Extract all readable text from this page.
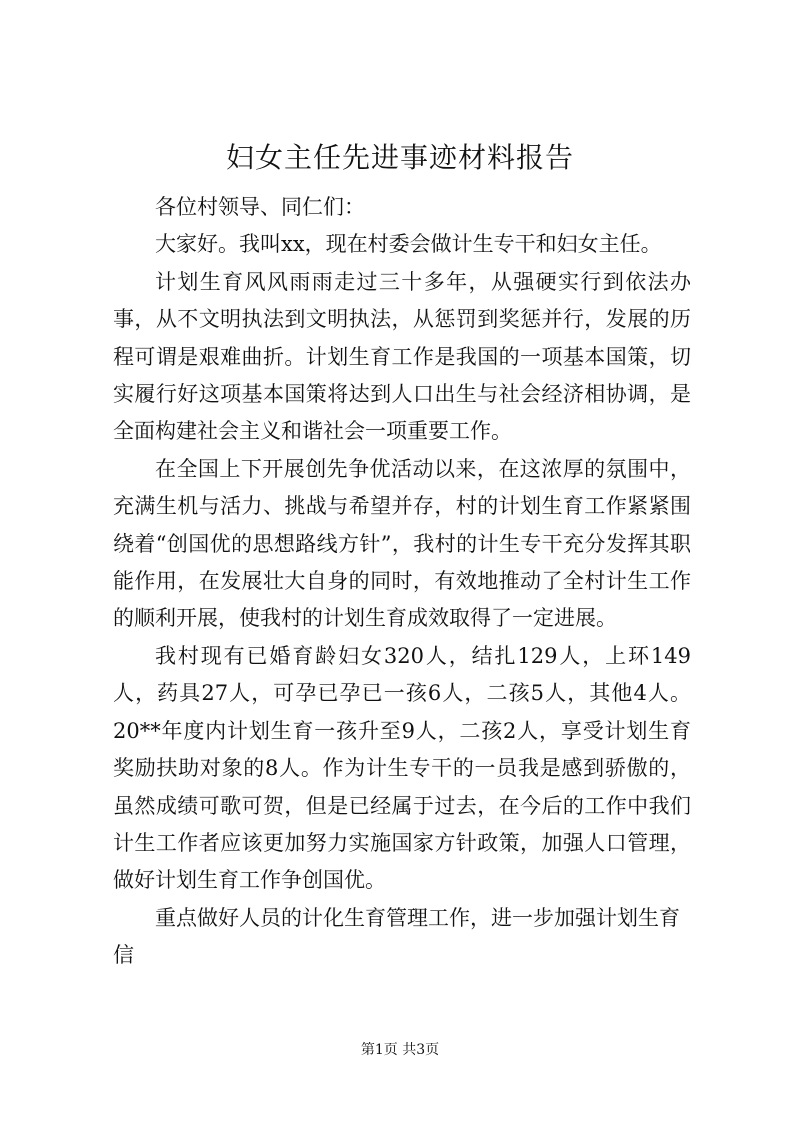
妇女主任先进事迹材料报告

各位村领导、同仁们：

大家好。我叫xx，现在村委会做计生专干和妇女主任。

计划生育风风雨雨走过三十多年，从强硬实行到依法办事，从不文明执法到文明执法，从惩罚到奖惩并行，发展的历程可谓是艰难曲折。计划生育工作是我国的一项基本国策，切实履行好这项基本国策将达到人口出生与社会经济相协调，是全面构建社会主义和谐社会一项重要工作。

在全国上下开展创先争优活动以来，在这浓厚的氛围中，充满生机与活力、挑战与希望并存，村的计划生育工作紧紧围绕着“创国优的思想路线方针”，我村的计生专干充分发挥其职能作用，在发展壮大自身的同时，有效地推动了全村计生工作的顺利开展，使我村的计划生育成效取得了一定进展。

我村现有已婚育龄妇女320人，结扎129人，上环149人，药具27人，可孕已孕已一孩6人，二孩5人，其他4人。20**年度内计划生育一孩升至9人，二孩2人，享受计划生育奖励扶助对象的8人。作为计生专干的一员我是感到骄傲的，虽然成绩可歌可贺，但是已经属于过去，在今后的工作中我们计生工作者应该更加努力实施国家方针政策，加强人口管理，做好计划生育工作争创国优。

重点做好人员的计化生育管理工作，进一步加强计划生育信

第1页 共3页
